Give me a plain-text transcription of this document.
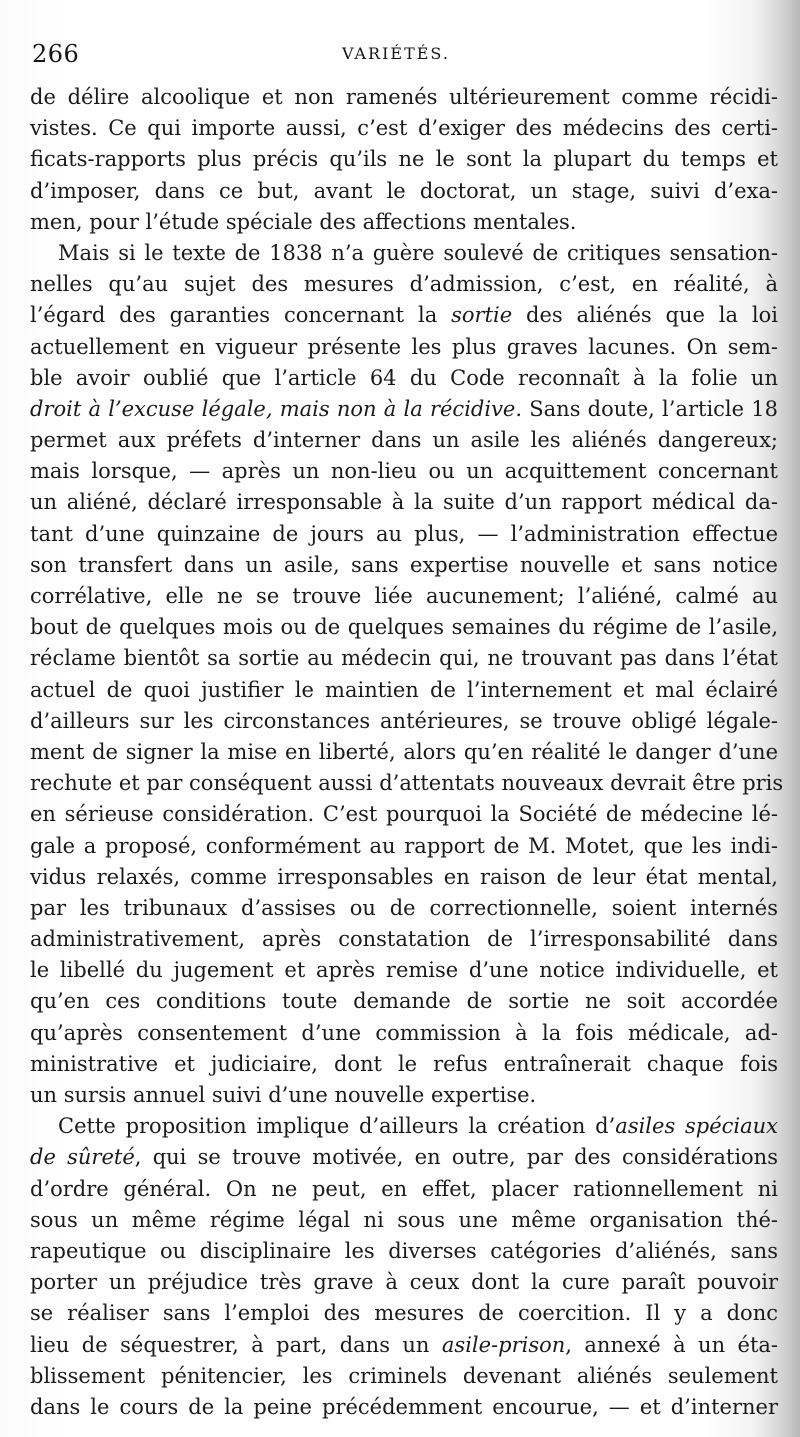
266	VARIÉTÉS.
de délire alcoolique et non ramenés ultérieurement comme récidi-
vistes. Ce qui importe aussi, c’est d’exiger des médecins des certi-
ficats-rapports plus précis qu’ils ne le sont la plupart du temps et
d’imposer, dans ce but, avant le doctorat, un stage, suivi d’exa-
men, pour l’étude spéciale des affections mentales.
Mais si le texte de 1838 n’a guère soulevé de critiques sensation-
nelles qu’au sujet des mesures d’admission, c’est, en réalité, à
l’égard des garanties concernant la sortie des aliénés que la loi
actuellement en vigueur présente les plus graves lacunes. On sem-
ble avoir oublié que l’article 64 du Code reconnaît à la folie un
droit à l’excuse légale, mais non à la récidive. Sans doute, l’article 18
permet aux préfets d’interner dans un asile les aliénés dangereux;
mais lorsque, — après un non-lieu ou un acquittement concernant
un aliéné, déclaré irresponsable à la suite d’un rapport médical da-
tant d’une quinzaine de jours au plus, — l’administration effectue
son transfert dans un asile, sans expertise nouvelle et sans notice
corrélative, elle ne se trouve liée aucunement; l’aliéné, calmé au
bout de quelques mois ou de quelques semaines du régime de l’asile,
réclame bientôt sa sortie au médecin qui, ne trouvant pas dans l’état
actuel de quoi justifier le maintien de l’internement et mal éclairé
d’ailleurs sur les circonstances antérieures, se trouve obligé légale-
ment de signer la mise en liberté, alors qu’en réalité le danger d’une
rechute et par conséquent aussi d’attentats nouveaux devrait être pris
en sérieuse considération. C’est pourquoi la Société de médecine lé-
gale a proposé, conformément au rapport de M. Motet, que les indi-
vidus relaxés, comme irresponsables en raison de leur état mental,
par les tribunaux d’assises ou de correctionnelle, soient internés
administrativement, après constatation de l’irresponsabilité dans
le libellé du jugement et après remise d’une notice individuelle, et
qu’en ces conditions toute demande de sortie ne soit accordée
qu’après consentement d’une commission à la fois médicale, ad-
ministrative et judiciaire, dont le refus entraînerait chaque fois
un sursis annuel suivi d’une nouvelle expertise.
Cette proposition implique d’ailleurs la création d’asiles spéciaux
de sûreté, qui se trouve motivée, en outre, par des considérations
d’ordre général. On ne peut, en effet, placer rationnellement ni
sous un même régime légal ni sous une même organisation thé-
rapeutique ou disciplinaire les diverses catégories d’aliénés, sans
porter un préjudice très grave à ceux dont la cure paraît pouvoir
se réaliser sans l’emploi des mesures de coercition. Il y a donc
lieu de séquestrer, à part, dans un asile-prison, annexé à un éta-
blissement pénitencier, les criminels devenant aliénés seulement
dans le cours de la peine précédemment encourue, — et d’interner
